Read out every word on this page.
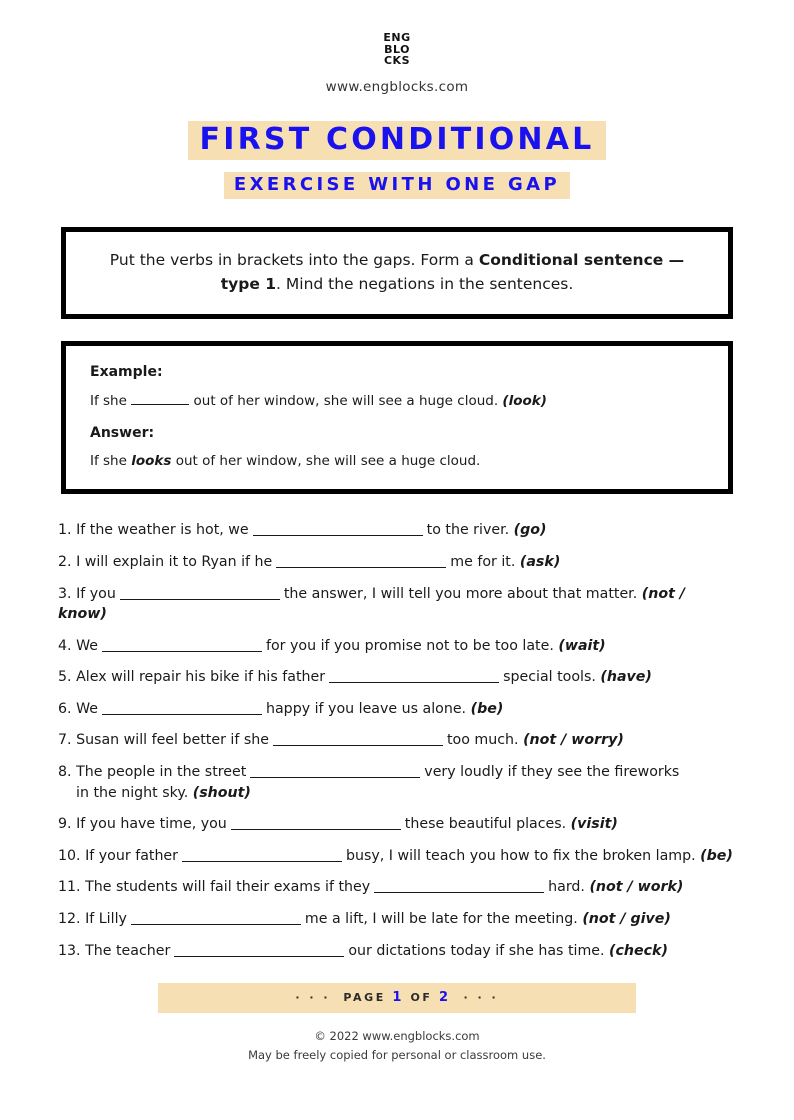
ENG
BLO
CKS
www.engblocks.com
FIRST CONDITIONAL
EXERCISE WITH ONE GAP
Put the verbs in brackets into the gaps. Form a Conditional sentence — type 1. Mind the negations in the sentences.
Example:
If she	out of her window, she will see a huge cloud. (look)
Answer:
If she looks out of her window, she will see a huge cloud.
1. If the weather is hot, we	to the river. (go)
2. I will explain it to Ryan if he	me for it. (ask)
3. If you	the answer, I will tell you more about that matter. (not / know)
4. We	for you if you promise not to be too late. (wait)
5. Alex will repair his bike if his father	special tools. (have)
6. We	happy if you leave us alone. (be)
7. Susan will feel better if she	too much. (not / worry)
8. The people in the street	very loudly if they see the fireworks
in the night sky. (shout)
9. If you have time, you	these beautiful places. (visit)
10. If your father	busy, I will teach you how to fix the broken lamp. (be)
11. The students will fail their exams if they	hard. (not / work)
12. If Lilly	me a lift, I will be late for the meeting. (not / give)
13. The teacher	our dictations today if she has time. (check)
· · · PAGE 1 OF 2 · · ·
© 2022 www.engblocks.com
May be freely copied for personal or classroom use.
